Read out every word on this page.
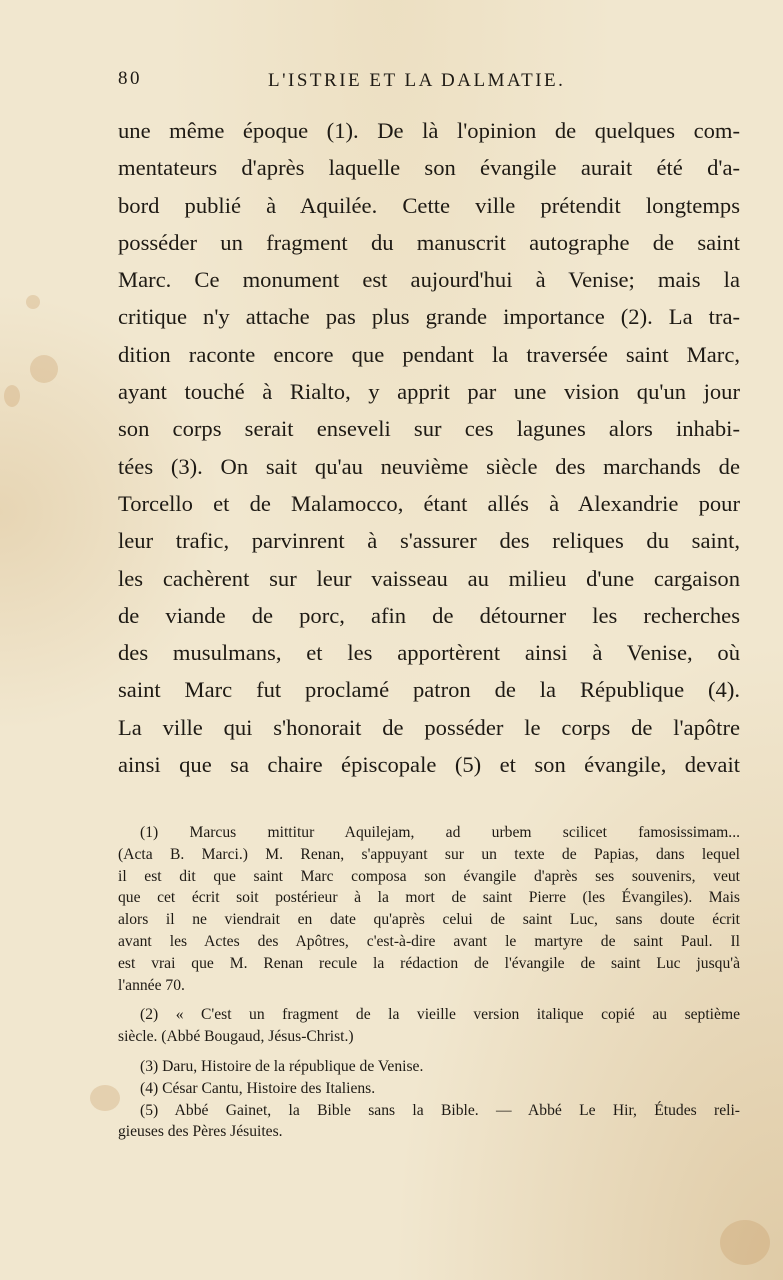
80	L'ISTRIE ET LA DALMATIE.
une même époque (1). De là l'opinion de quelques com-
mentateurs d'après laquelle son évangile aurait été d'a-
bord publié à Aquilée. Cette ville prétendit longtemps
posséder un fragment du manuscrit autographe de saint
Marc. Ce monument est aujourd'hui à Venise; mais la
critique n'y attache pas plus grande importance (2). La tra-
dition raconte encore que pendant la traversée saint Marc,
ayant touché à Rialto, y apprit par une vision qu'un jour
son corps serait enseveli sur ces lagunes alors inhabi-
tées (3). On sait qu'au neuvième siècle des marchands de
Torcello et de Malamocco, étant allés à Alexandrie pour
leur trafic, parvinrent à s'assurer des reliques du saint,
les cachèrent sur leur vaisseau au milieu d'une cargaison
de viande de porc, afin de détourner les recherches
des musulmans, et les apportèrent ainsi à Venise, où
saint Marc fut proclamé patron de la République (4).
La ville qui s'honorait de posséder le corps de l'apôtre
ainsi que sa chaire épiscopale (5) et son évangile, devait
(1) Marcus mittitur Aquilejam, ad urbem scilicet famosissimam...
(Acta B. Marci.) M. Renan, s'appuyant sur un texte de Papias, dans lequel
il est dit que saint Marc composa son évangile d'après ses souvenirs, veut
que cet écrit soit postérieur à la mort de saint Pierre (les Évangiles). Mais
alors il ne viendrait en date qu'après celui de saint Luc, sans doute écrit
avant les Actes des Apôtres, c'est-à-dire avant le martyre de saint Paul. Il
est vrai que M. Renan recule la rédaction de l'évangile de saint Luc jusqu'à
l'année 70.
(2) « C'est un fragment de la vieille version italique copié au septième
siècle. (Abbé Bougaud, Jésus-Christ.)
(3) Daru, Histoire de la république de Venise.
(4) César Cantu, Histoire des Italiens.
(5) Abbé Gainet, la Bible sans la Bible. — Abbé Le Hir, Études reli-
gieuses des Pères Jésuites.
